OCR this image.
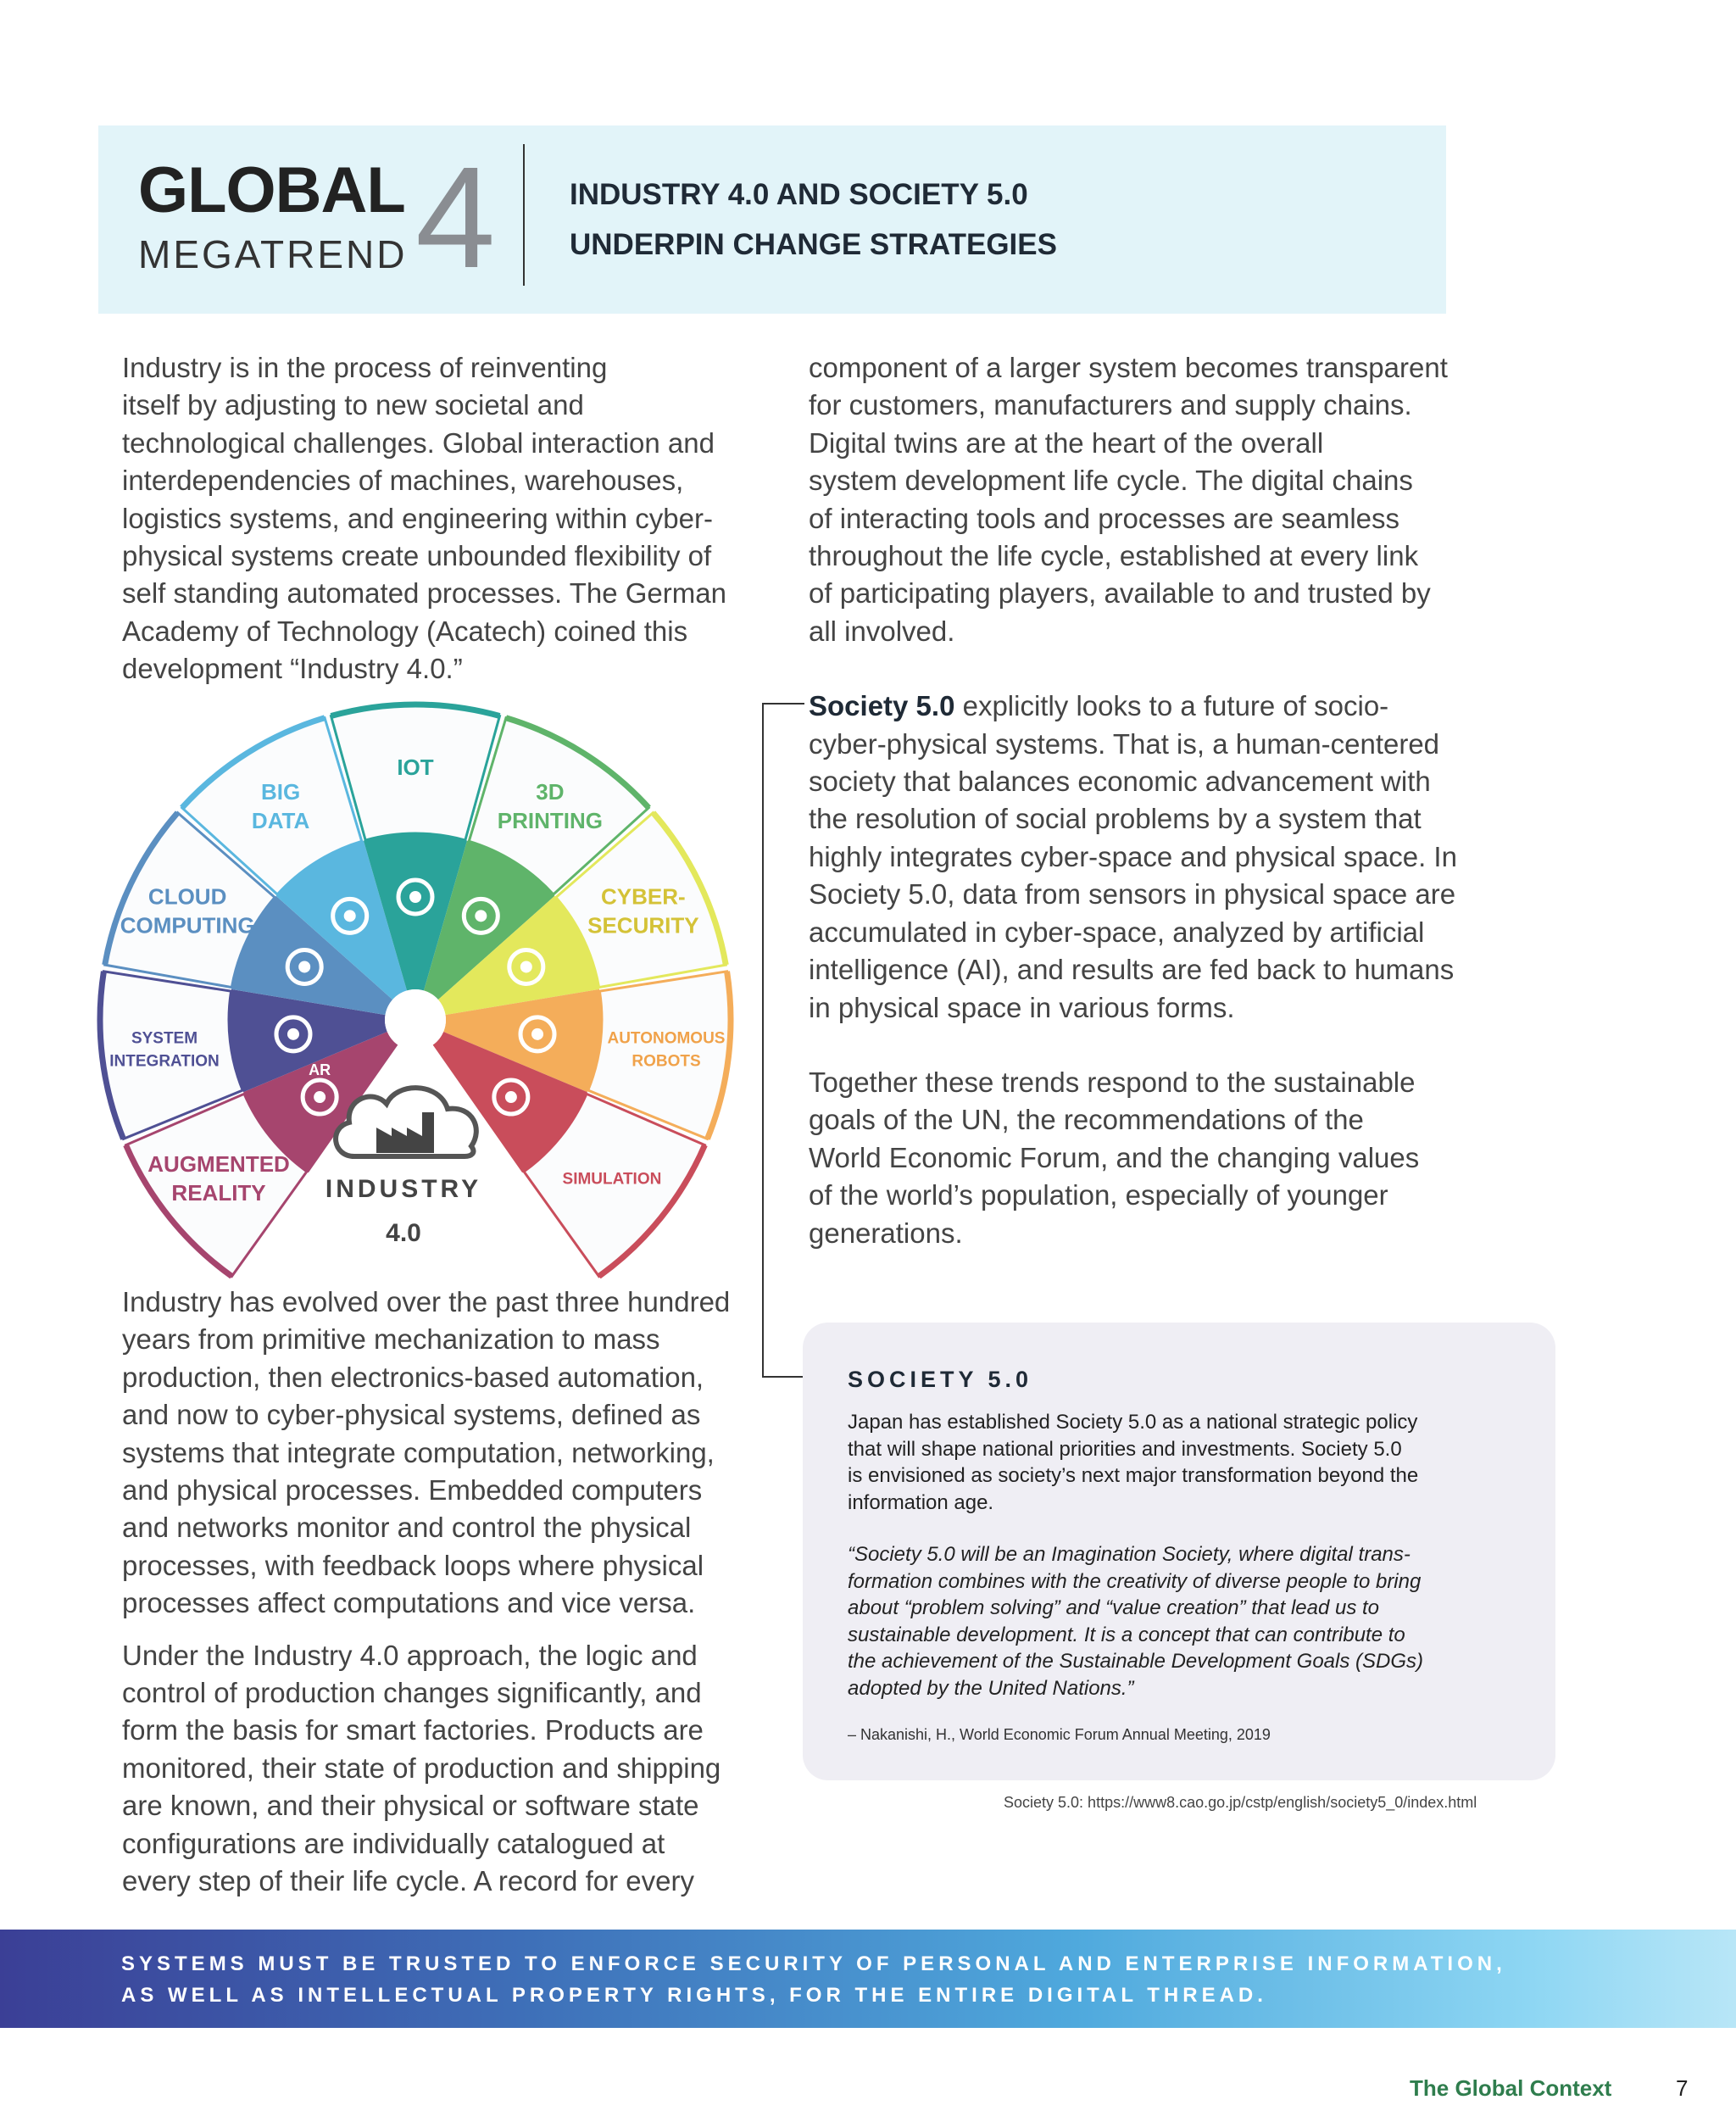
GLOBAL
MEGATREND 4 INDUSTRY 4.0 AND SOCIETY 5.0
UNDERPIN CHANGE STRATEGIES
Industry is in the process of reinventing
itself by adjusting to new societal and
technological challenges. Global interaction and
interdependencies of machines, warehouses,
logistics systems, and engineering within cyber-
physical systems create unbounded flexibility of
self standing automated processes. The German
Academy of Technology (Acatech) coined this
development “Industry 4.0.”
Industry has evolved over the past three hundred
years from primitive mechanization to mass
production, then electronics-based automation,
and now to cyber-physical systems, defined as
systems that integrate computation, networking,
and physical processes. Embedded computers
and networks monitor and control the physical
processes, with feedback loops where physical
processes affect computations and vice versa.
Under the Industry 4.0 approach, the logic and
control of production changes significantly, and
form the basis for smart factories. Products are
monitored, their state of production and shipping
are known, and their physical or software state
configurations are individually catalogued at
every step of their life cycle. A record for every
component of a larger system becomes transparent
for customers, manufacturers and supply chains.
Digital twins are at the heart of the overall
system development life cycle. The digital chains
of interacting tools and processes are seamless
throughout the life cycle, established at every link
of participating players, available to and trusted by
all involved.
Society 5.0 explicitly looks to a future of socio-
cyber-physical systems. That is, a human-centered
society that balances economic advancement with
the resolution of social problems by a system that
highly integrates cyber-space and physical space. In
Society 5.0, data from sensors in physical space are
accumulated in cyber-space, analyzed by artificial
intelligence (AI), and results are fed back to humans
in physical space in various forms.
Together these trends respond to the sustainable
goals of the UN, the recommendations of the
World Economic Forum, and the changing values
of the world’s population, especially of younger
generations.
AR
AUGMENTED
REALITY
SYSTEM
INTEGRATION
CLOUD
COMPUTING
BIG
DATA
IOT
3D
PRINTING
CYBER-
SECURITY
AUTONOMOUS
ROBOTS
SIMULATION
INDUSTRY
4.0
SOCIETY 5.0
Japan has established Society 5.0 as a national strategic policy
that will shape national priorities and investments. Society 5.0
is envisioned as society’s next major transformation beyond the
information age.
“Society 5.0 will be an Imagination Society, where digital trans-
formation combines with the creativity of diverse people to bring
about “problem solving” and “value creation” that lead us to
sustainable development. It is a concept that can contribute to
the achievement of the Sustainable Development Goals (SDGs)
adopted by the United Nations.”
– Nakanishi, H., World Economic Forum Annual Meeting, 2019
Society 5.0: https://www8.cao.go.jp/cstp/english/society5_0/index.html
SYSTEMS MUST BE TRUSTED TO ENFORCE SECURITY OF PERSONAL AND ENTERPRISE INFORMATION,
AS WELL AS INTELLECTUAL PROPERTY RIGHTS, FOR THE ENTIRE DIGITAL THREAD.
The Global Context	7
